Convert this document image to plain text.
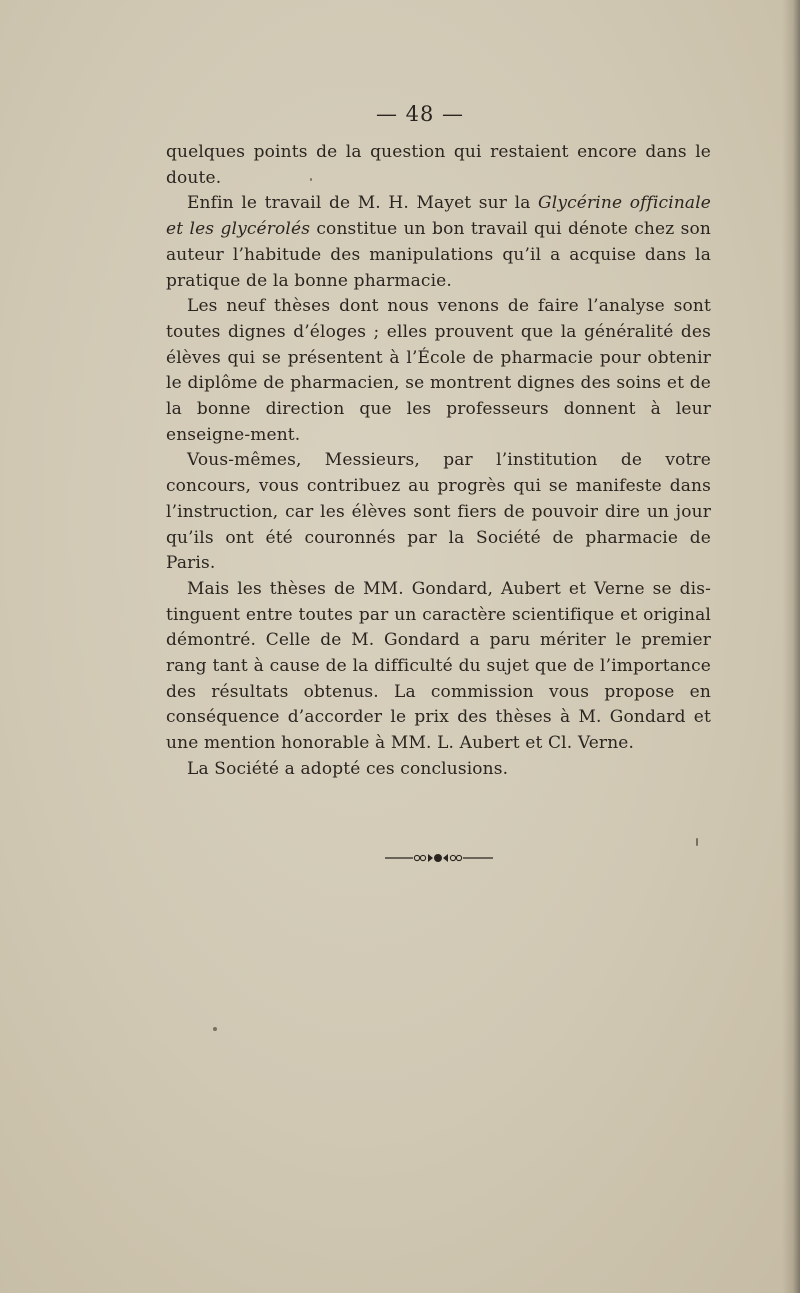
— 48 —

quelques points de la question qui restaient encore dans le doute.

Enfin le travail de M. H. Mayet sur la Glycérine officinale et les glycérolés constitue un bon travail qui dénote chez son auteur l’habitude des manipulations qu’il a acquise dans la pratique de la bonne pharmacie.

Les neuf thèses dont nous venons de faire l’analyse sont toutes dignes d’éloges ; elles prouvent que la généralité des élèves qui se présentent à l’École de pharmacie pour obtenir le diplôme de pharmacien, se montrent dignes des soins et de la bonne direction que les professeurs donnent à leur enseigne-ment.

Vous-mêmes, Messieurs, par l’institution de votre concours, vous contribuez au progrès qui se manifeste dans l’instruction, car les élèves sont fiers de pouvoir dire un jour qu’ils ont été couronnés par la Société de pharmacie de Paris.

Mais les thèses de MM. Gondard, Aubert et Verne se dis-tinguent entre toutes par un caractère scientifique et original démontré. Celle de M. Gondard a paru mériter le premier rang tant à cause de la difficulté du sujet que de l’importance des résultats obtenus. La commission vous propose en conséquence d’accorder le prix des thèses à M. Gondard et une mention honorable à MM. L. Aubert et Cl. Verne.

La Société a adopté ces conclusions.
